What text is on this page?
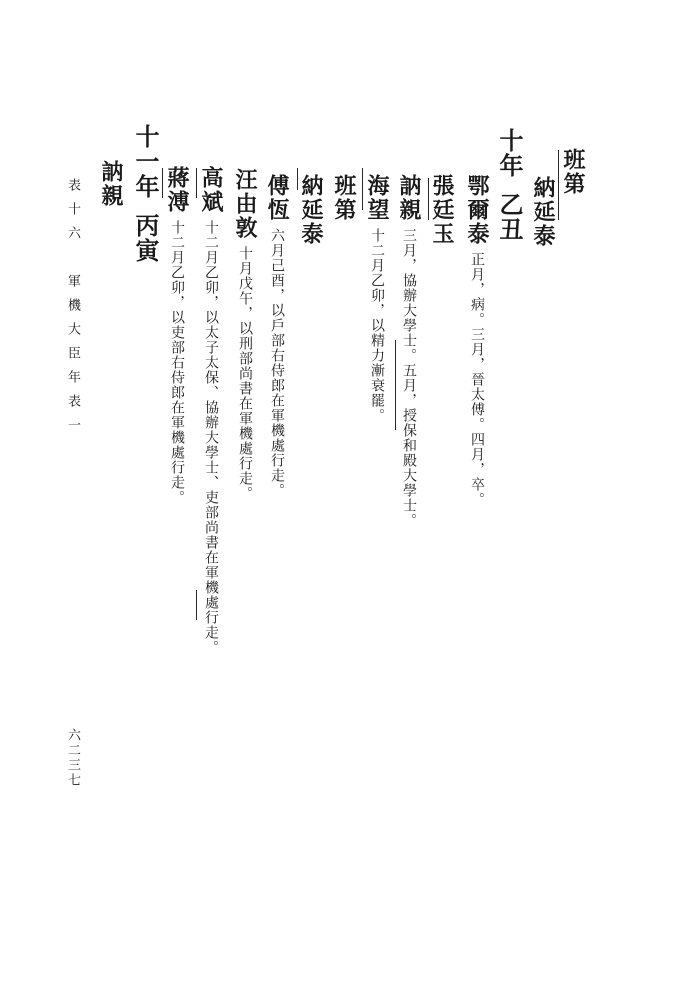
班第
納延泰
十年乙丑
鄂爾泰正月，病。三月，晉太傅。四月，卒。
張廷玉
訥親三月，協辦大學士。五月，授保和殿大學士。
海望十二月乙卯，以精力漸衰罷。
班第
納延泰
傅恆六月己酉，以戶部右侍郎在軍機處行走。
汪由敦十月戊午，以刑部尚書在軍機處行走。
高斌十二月乙卯，以太子太保、協辦大學士、吏部尚書在軍機處行走。
蔣溥十二月乙卯，以吏部右侍郎在軍機處行走。
十一年丙寅
訥親
表十六　軍機大臣年表一
六二三七
